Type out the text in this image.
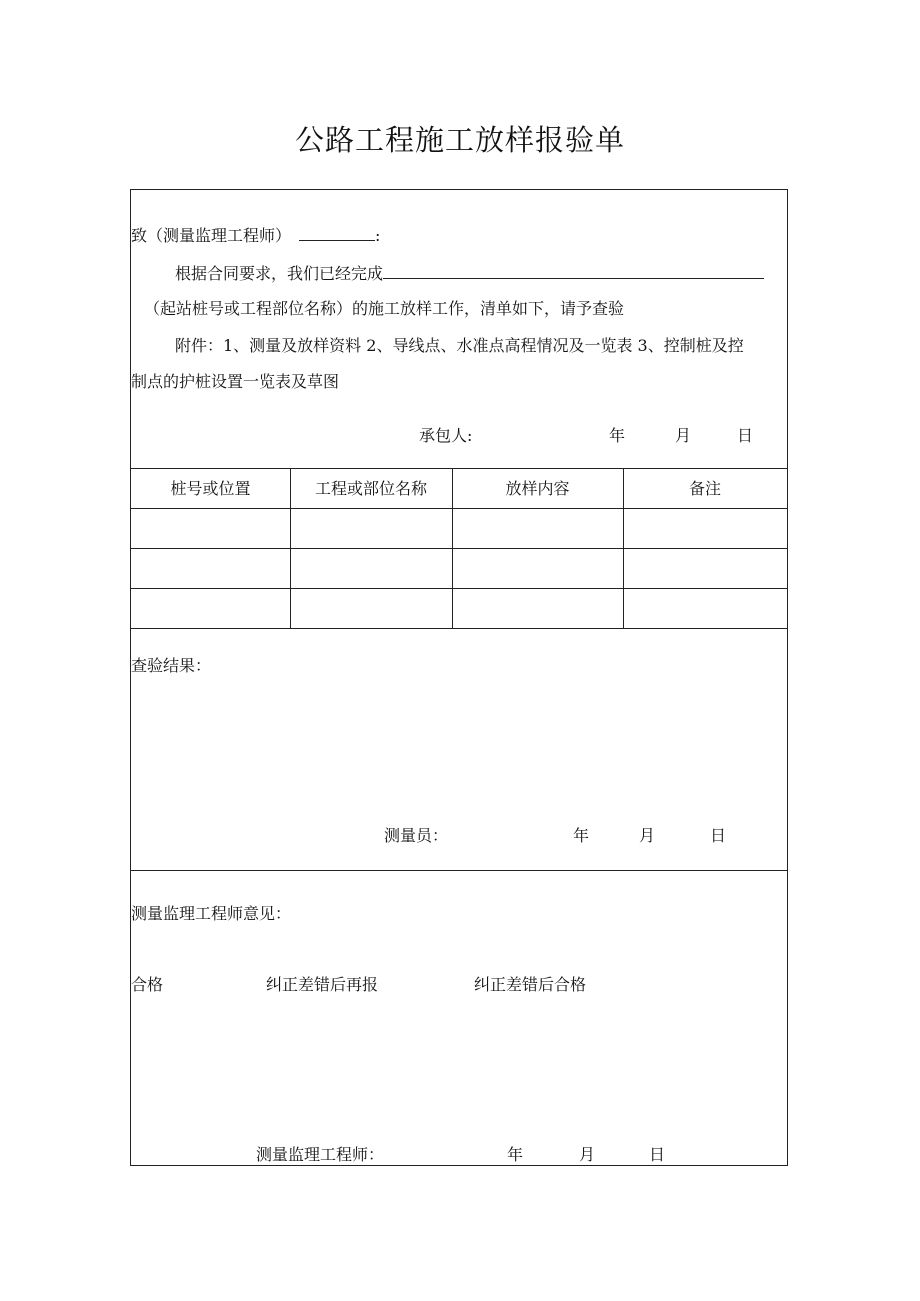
公路工程施工放样报验单
致（测量监理工程师）	:
根据合同要求，我们已经完成
（起站桩号或工程部位名称）的施工放样工作，清单如下，请予查验
附件：1、测量及放样资料 2、导线点、水准点高程情况及一览表 3、控制桩及控
制点的护桩设置一览表及草图
承包人:	年	月	日
桩号或位置	工程或部位名称	放样内容	备注
查验结果：
测量员：	年	月	日
测量监理工程师意见：
合格	纠正差错后再报	纠正差错后合格
测量监理工程师：	年	月	日
